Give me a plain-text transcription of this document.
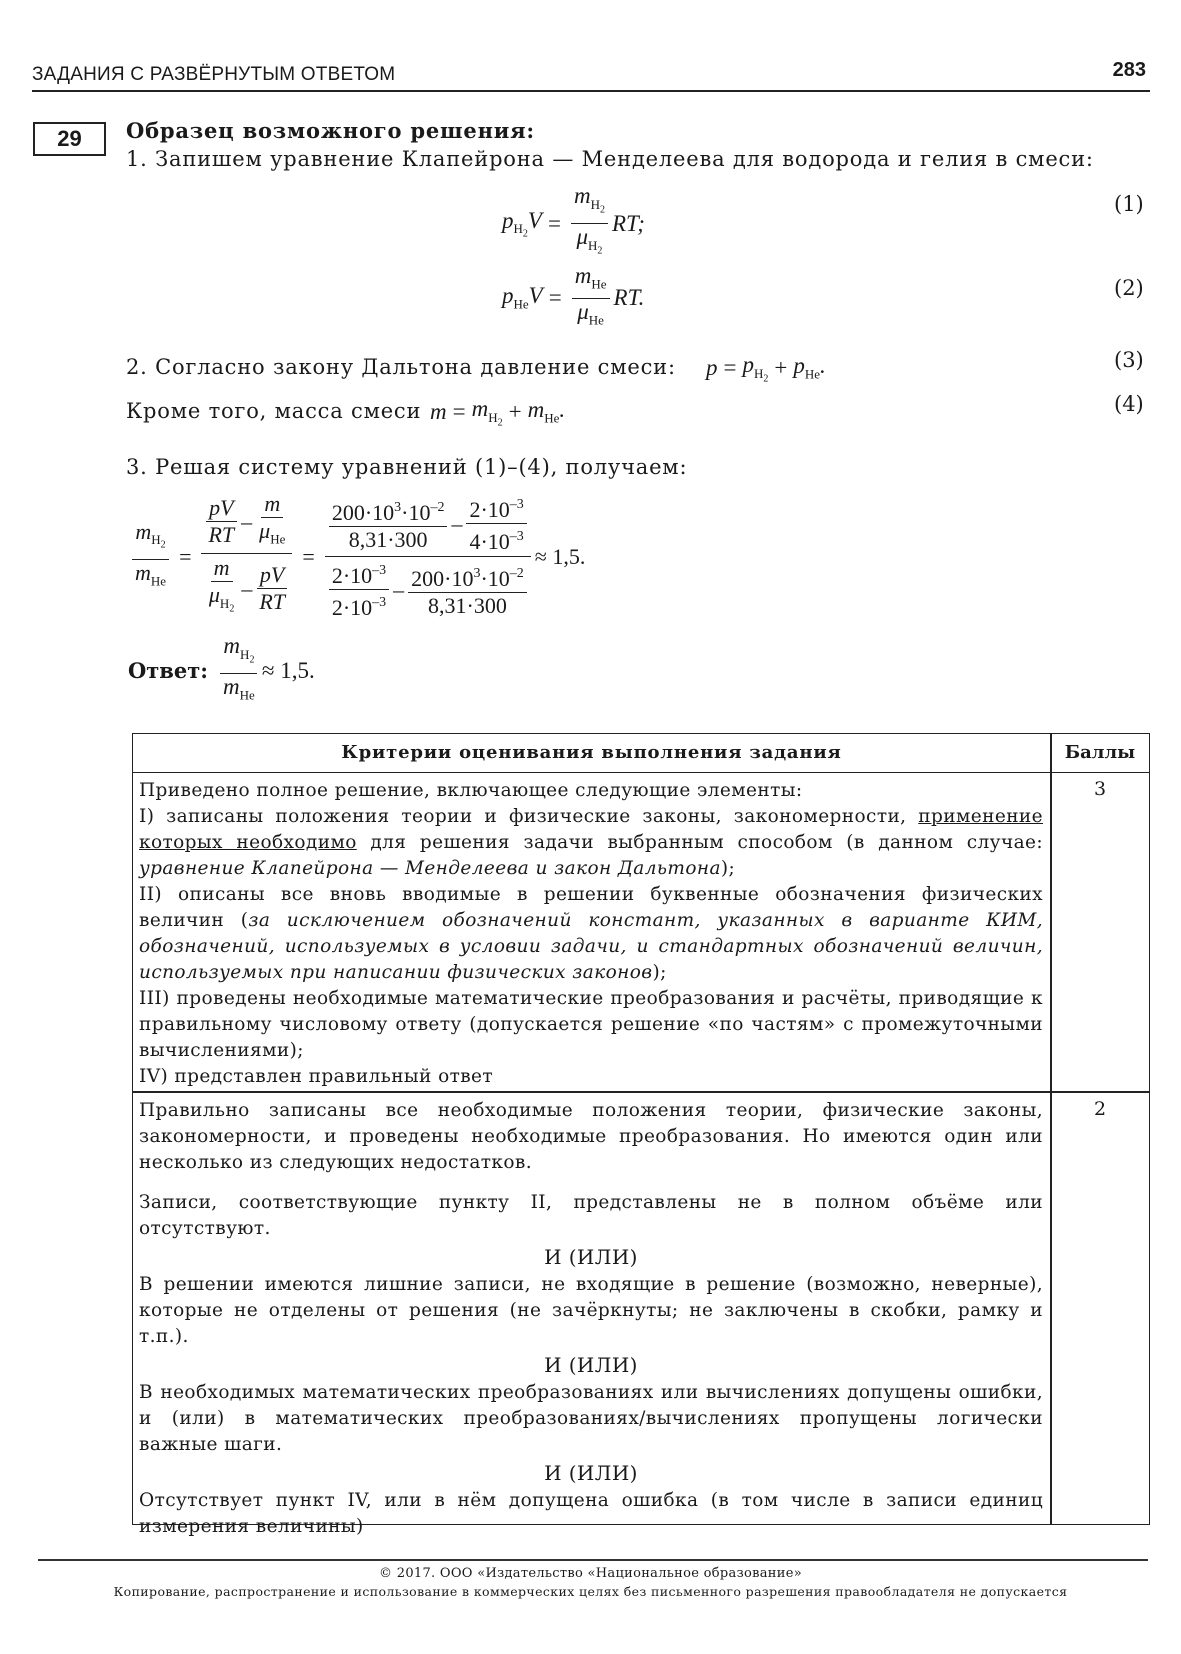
ЗАДАНИЯ С РАЗВЁРНУТЫМ ОТВЕТОМ	283
29	Образец возможного решения:
1. Запишем уравнение Клапейрона — Менделеева для водорода и гелия в смеси:
$p_{H_2}V = \frac{m_{H_2}}{\mu_{H_2}}$ RT;
(1)
$p_{He}V = \frac{m_{He}}{\mu_{He}}$ RT.	(2)
2. Согласно закону Дальтона давление смеси: $p = p_{H_2} + p_{He}$.	(3)
Кроме того, масса смеси $m = m_{H_2} + m_{He}$.	(4)
3. Решая систему уравнений (1)–(4), получаем:
$\frac{m_{H_2}}{m_{He}} = \frac{\frac{pV}{RT} - \frac{m}{\mu_{He}}}{\frac{m}{\mu_{H_2}} - \frac{pV}{RT}} = \frac{\frac{200\cdot 10^3\cdot 10^{-2}}{8,31\cdot 300} - \frac{2\cdot 10^{-3}}{4\cdot 10^{-3}}}{\frac{2\cdot 10^{-3}}{2\cdot 10^{-3}} - \frac{200\cdot 10^3\cdot 10^{-2}}{8,31\cdot 300}} \approx 1,5$.
Ответ: $\frac{m_{H_2}}{m_{He}} \approx 1,5$.
Критерии оценивания выполнения задания	Баллы

Приведено полное решение, включающее следующие элементы:

I) записаны положения теории и физические законы, закономерности, применение которых необходимо для решения задачи выбранным способом (в данном случае: уравнение Клапейрона — Менделеева и закон Дальтона);

II) описаны все вновь вводимые в решении буквенные обозначения физических величин (за исключением обозначений констант, указанных в варианте КИМ, обозначений, используемых в условии задачи, и стандартных обозначений величин, используемых при написании физических законов);

III) проведены необходимые математические преобразования и расчёты, приводящие к правильному числовому ответу (допускается решение «по частям» с промежуточными вычислениями);

IV) представлен правильный ответ

3

Правильно записаны все необходимые положения теории, физические законы, закономерности, и проведены необходимые преобразования. Но имеются один или несколько из следующих недостатков.

Записи, соответствующие пункту II, представлены не в полном объёме или отсутствуют.

И (ИЛИ)

В решении имеются лишние записи, не входящие в решение (возможно, неверные), которые не отделены от решения (не зачёркнуты; не заключены в скобки, рамку и т.п.).

И (ИЛИ)

В необходимых математических преобразованиях или вычислениях допущены ошибки, и (или) в математических преобразованиях/вычислениях пропущены логически важные шаги.

И (ИЛИ)

Отсутствует пункт IV, или в нём допущена ошибка (в том числе в записи единиц измерения величины)

2
© 2017. ООО «Издательство «Национальное образование»
Копирование, распространение и использование в коммерческих целях без письменного разрешения правообладателя не допускается
